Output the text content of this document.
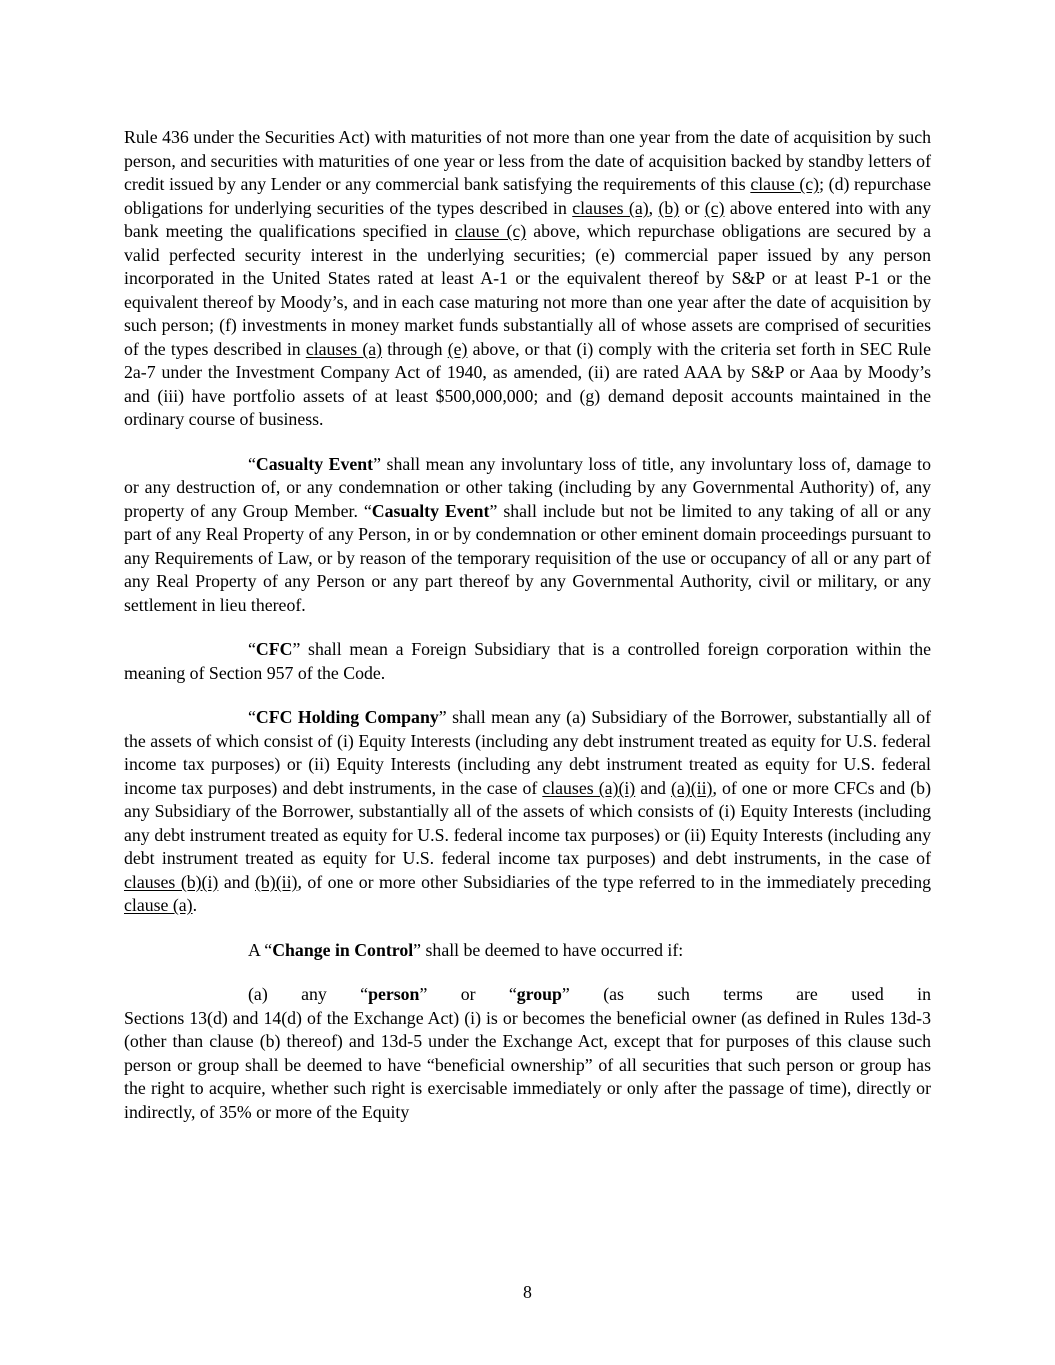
Rule 436 under the Securities Act) with maturities of not more than one year from the date of acquisition by such person, and securities with maturities of one year or less from the date of acquisition backed by standby letters of credit issued by any Lender or any commercial bank satisfying the requirements of this clause (c); (d) repurchase obligations for underlying securities of the types described in clauses (a), (b) or (c) above entered into with any bank meeting the qualifications specified in clause (c) above, which repurchase obligations are secured by a valid perfected security interest in the underlying securities; (e) commercial paper issued by any person incorporated in the United States rated at least A-1 or the equivalent thereof by S&P or at least P-1 or the equivalent thereof by Moody’s, and in each case maturing not more than one year after the date of acquisition by such person; (f) investments in money market funds substantially all of whose assets are comprised of securities of the types described in clauses (a) through (e) above, or that (i) comply with the criteria set forth in SEC Rule 2a-7 under the Investment Company Act of 1940, as amended, (ii) are rated AAA by S&P or Aaa by Moody’s and (iii) have portfolio assets of at least $500,000,000; and (g) demand deposit accounts maintained in the ordinary course of business.

“Casualty Event” shall mean any involuntary loss of title, any involuntary loss of, damage to or any destruction of, or any condemnation or other taking (including by any Governmental Authority) of, any property of any Group Member. “Casualty Event” shall include but not be limited to any taking of all or any part of any Real Property of any Person, in or by condemnation or other eminent domain proceedings pursuant to any Requirements of Law, or by reason of the temporary requisition of the use or occupancy of all or any part of any Real Property of any Person or any part thereof by any Governmental Authority, civil or military, or any settlement in lieu thereof.

“CFC” shall mean a Foreign Subsidiary that is a controlled foreign corporation within the meaning of Section 957 of the Code.

“CFC Holding Company” shall mean any (a) Subsidiary of the Borrower, substantially all of the assets of which consist of (i) Equity Interests (including any debt instrument treated as equity for U.S. federal income tax purposes) or (ii) Equity Interests (including any debt instrument treated as equity for U.S. federal income tax purposes) and debt instruments, in the case of clauses (a)(i) and (a)(ii), of one or more CFCs and (b) any Subsidiary of the Borrower, substantially all of the assets of which consists of (i) Equity Interests (including any debt instrument treated as equity for U.S. federal income tax purposes) or (ii) Equity Interests (including any debt instrument treated as equity for U.S. federal income tax purposes) and debt instruments, in the case of clauses (b)(i) and (b)(ii), of one or more other Subsidiaries of the type referred to in the immediately preceding clause (a).

A “Change in Control” shall be deemed to have occurred if:

(a) any “person” or “group” (as such terms are used in
Sections 13(d) and 14(d) of the Exchange Act) (i) is or becomes the beneficial owner (as defined in Rules 13d-3 (other than clause (b) thereof) and 13d-5 under the Exchange Act, except that for purposes of this clause such person or group shall be deemed to have “beneficial ownership” of all securities that such person or group has the right to acquire, whether such right is exercisable immediately or only after the passage of time), directly or indirectly, of 35% or more of the Equity
8
